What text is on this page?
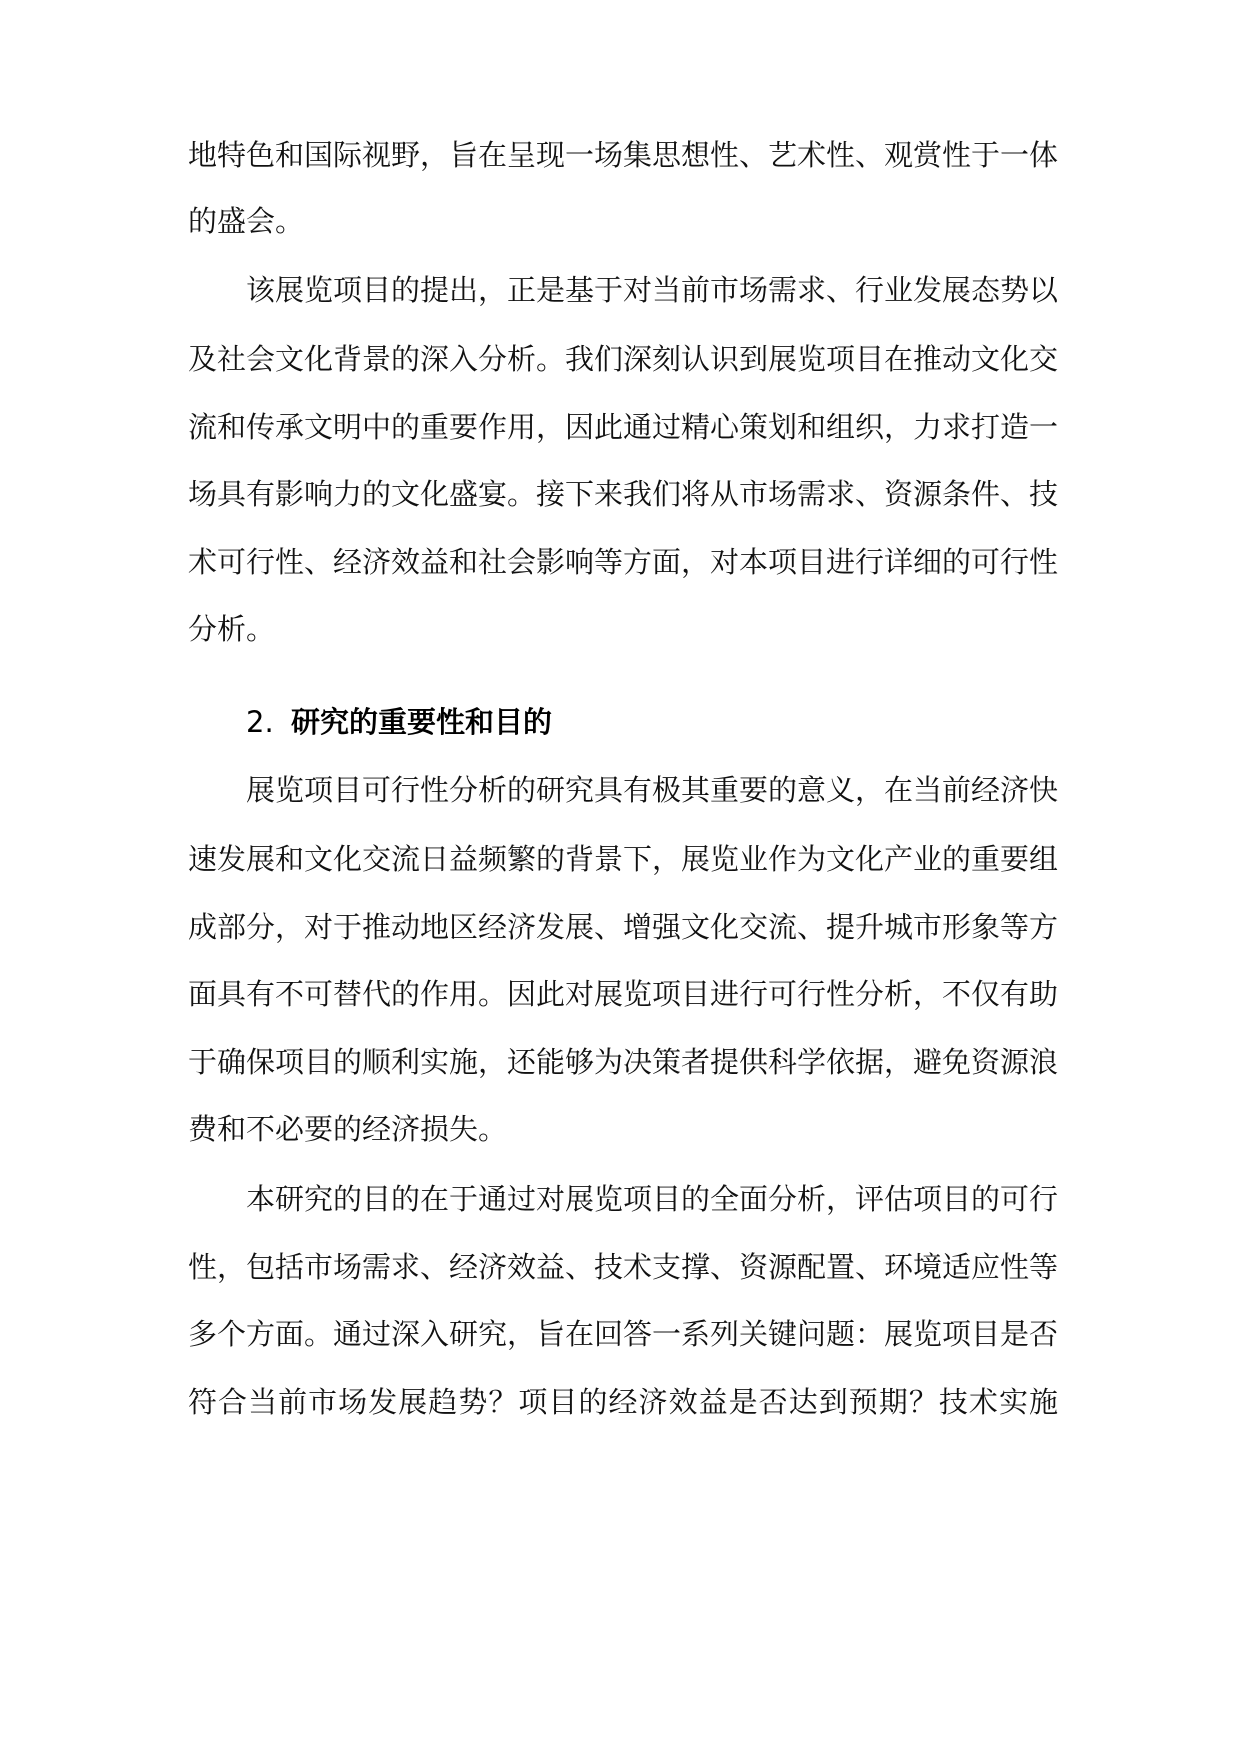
地特色和国际视野，旨在呈现一场集思想性、艺术性、观赏性于一体
的盛会。
该展览项目的提出，正是基于对当前市场需求、行业发展态势以
及社会文化背景的深入分析。我们深刻认识到展览项目在推动文化交
流和传承文明中的重要作用，因此通过精心策划和组织，力求打造一
场具有影响力的文化盛宴。接下来我们将从市场需求、资源条件、技
术可行性、经济效益和社会影响等方面，对本项目进行详细的可行性
分析。
2. 研究的重要性和目的
展览项目可行性分析的研究具有极其重要的意义，在当前经济快
速发展和文化交流日益频繁的背景下，展览业作为文化产业的重要组
成部分，对于推动地区经济发展、增强文化交流、提升城市形象等方
面具有不可替代的作用。因此对展览项目进行可行性分析，不仅有助
于确保项目的顺利实施，还能够为决策者提供科学依据，避免资源浪
费和不必要的经济损失。
本研究的目的在于通过对展览项目的全面分析，评估项目的可行
性，包括市场需求、经济效益、技术支撑、资源配置、环境适应性等
多个方面。通过深入研究，旨在回答一系列关键问题：展览项目是否
符合当前市场发展趋势？项目的经济效益是否达到预期？技术实施
